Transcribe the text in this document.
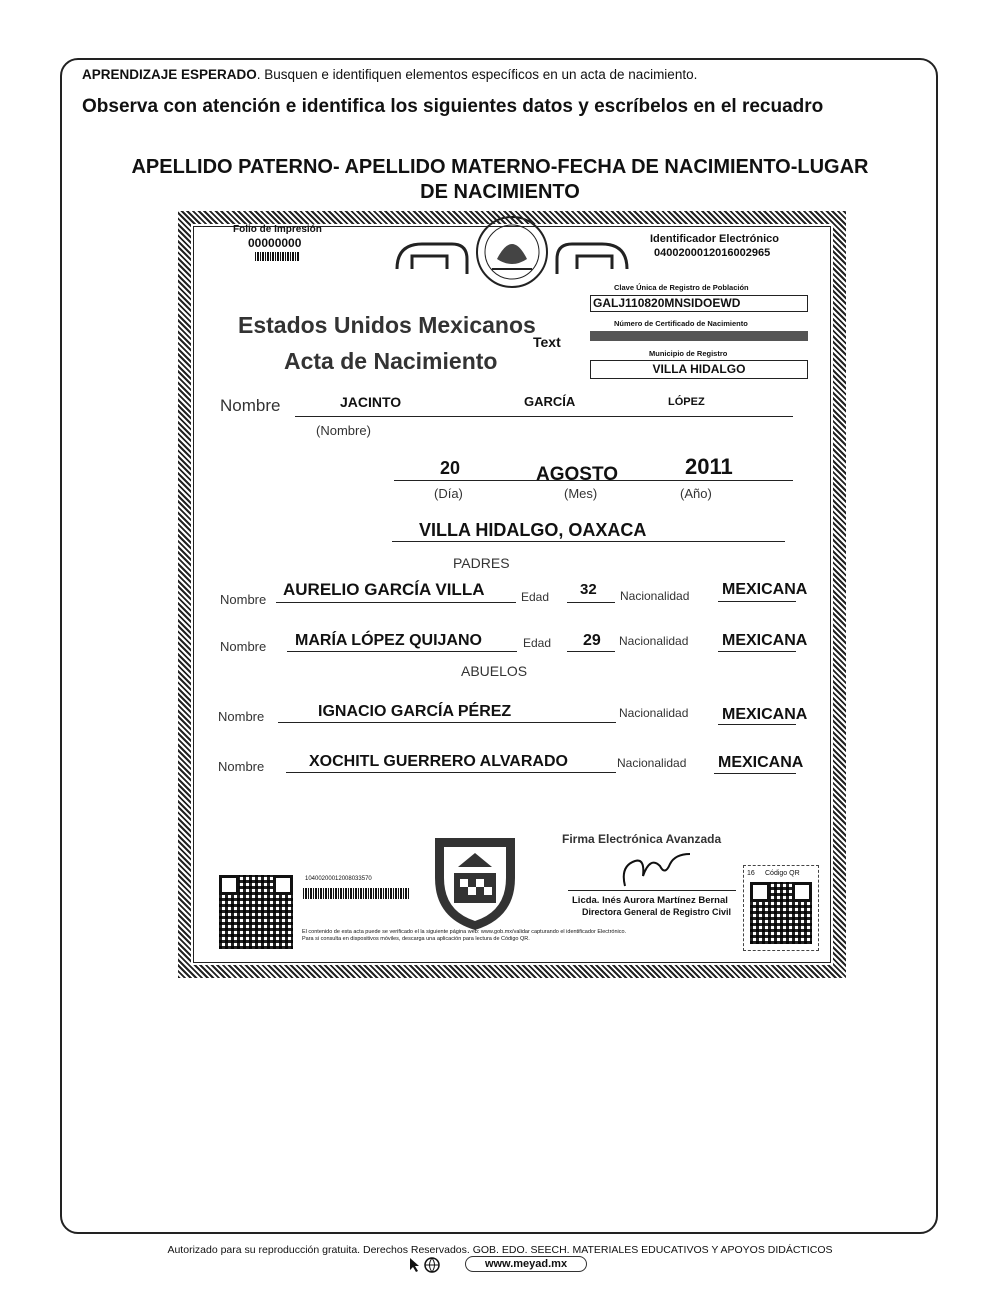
APRENDIZAJE ESPERADO. Busquen e identifiquen elementos específicos en un acta de nacimiento.
Observa con atención e identifica los siguientes datos y escríbelos en el recuadro
APELLIDO PATERNO- APELLIDO MATERNO-FECHA DE NACIMIENTO-LUGAR
DE NACIMIENTO
Folio de Impresión
00000000	Identificador Electrónico
0400200012016002965
Clave Única de Registro de Población
GALJ110820MNSIDOEWD
Estados Unidos Mexicanos
Text
Acta de Nacimiento
Número de Certificado de Nacimiento
Municipio de Registro
VILLA HIDALGO
Nombre	JACINTO	GARCÍA	LÓPEZ
(Nombre)
20	AGOSTO	2011
(Día)	(Mes)	(Año)
VILLA HIDALGO, OAXACA
PADRES
Nombre
AURELIO GARCÍA VILLA	Edad 32 Nacionalidad MEXICANA
Nombre MARÍA LÓPEZ QUIJANO	Edad 29 Nacionalidad MEXICANA
ABUELOS
Nombre	IGNACIO GARCÍA PÉREZ	Nacionalidad MEXICANA
Nombre	XOCHITL GUERRERO ALVARADO	Nacionalidad MEXICANA
Firma Electrónica Avanzada
Licda. Inés Aurora Martínez Bernal
Directora General de Registro Civil
10400200012008033570
El contenido de esta acta puede se verificado el la siguiente página web: www.gob.mx/validar capturando el identificador Electrónico.
Para si consulta en dispositivos móviles, descarga una aplicación para lectura de Código QR.
16 Código QR
Autorizado para su reproducción gratuita. Derechos Reservados. GOB. EDO. SEECH. MATERIALES EDUCATIVOS Y APOYOS DIDÁCTICOS
www.meyad.mx
